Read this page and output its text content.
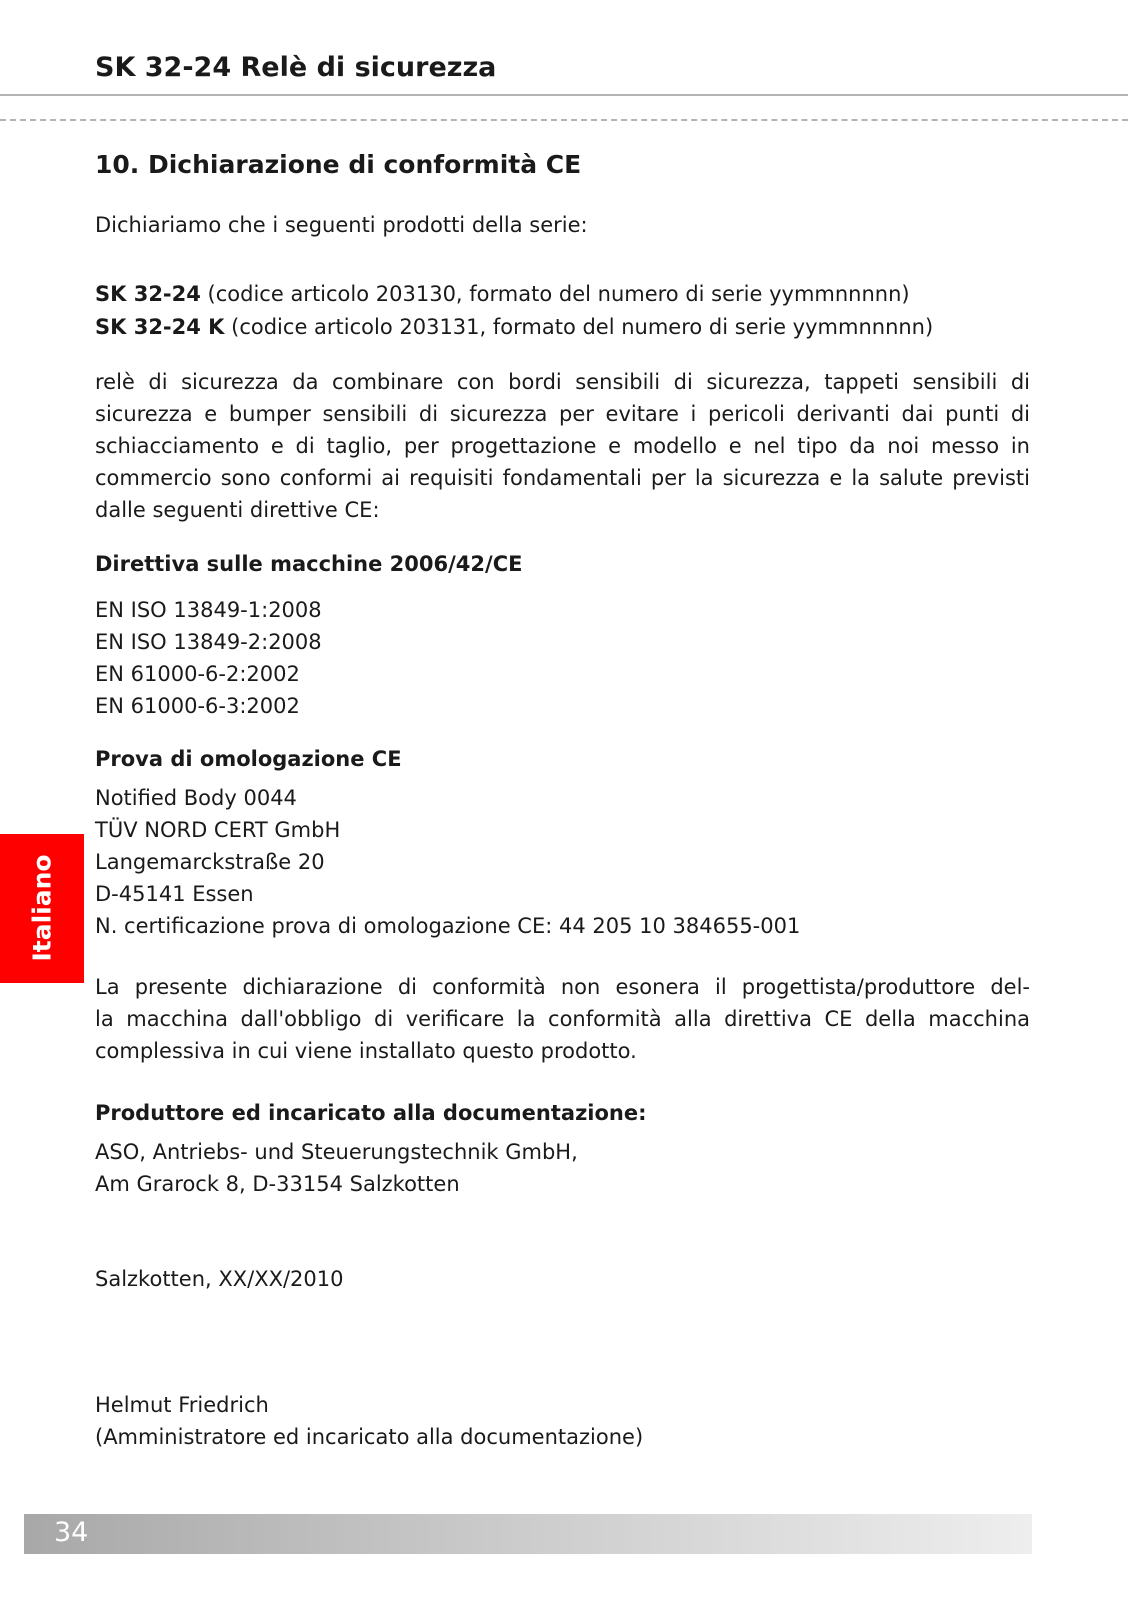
SK 32-24 Relè di sicurezza
10. Dichiarazione di conformità CE
Dichiariamo che i seguenti prodotti della serie:
SK 32-24 (codice articolo 203130, formato del numero di serie yymmnnnnn)
SK 32-24 K (codice articolo 203131, formato del numero di serie yymmnnnnn)
relè di sicurezza da combinare con bordi sensibili di sicurezza, tappeti sensibili di
sicurezza e bumper sensibili di sicurezza per evitare i pericoli derivanti dai punti di
schiacciamento e di taglio, per progettazione e modello e nel tipo da noi messo in
commercio sono conformi ai requisiti fondamentali per la sicurezza e la salute previsti
dalle seguenti direttive CE:
Direttiva sulle macchine 2006/42/CE
EN ISO 13849-1:2008
EN ISO 13849-2:2008
EN 61000-6-2:2002
EN 61000-6-3:2002
Prova di omologazione CE
Notified Body 0044
TÜV NORD CERT GmbH
Langemarckstraße 20
D-45141 Essen
N. certificazione prova di omologazione CE: 44 205 10 384655-001
La presente dichiarazione di conformità non esonera il progettista/produttore del-
la macchina dall'obbligo di verificare la conformità alla direttiva CE della macchina
complessiva in cui viene installato questo prodotto.
Produttore ed incaricato alla documentazione:
ASO, Antriebs- und Steuerungstechnik GmbH,
Am Grarock 8, D-33154 Salzkotten
Salzkotten, XX/XX/2010
Helmut Friedrich
(Amministratore ed incaricato alla documentazione)
Italiano
34
